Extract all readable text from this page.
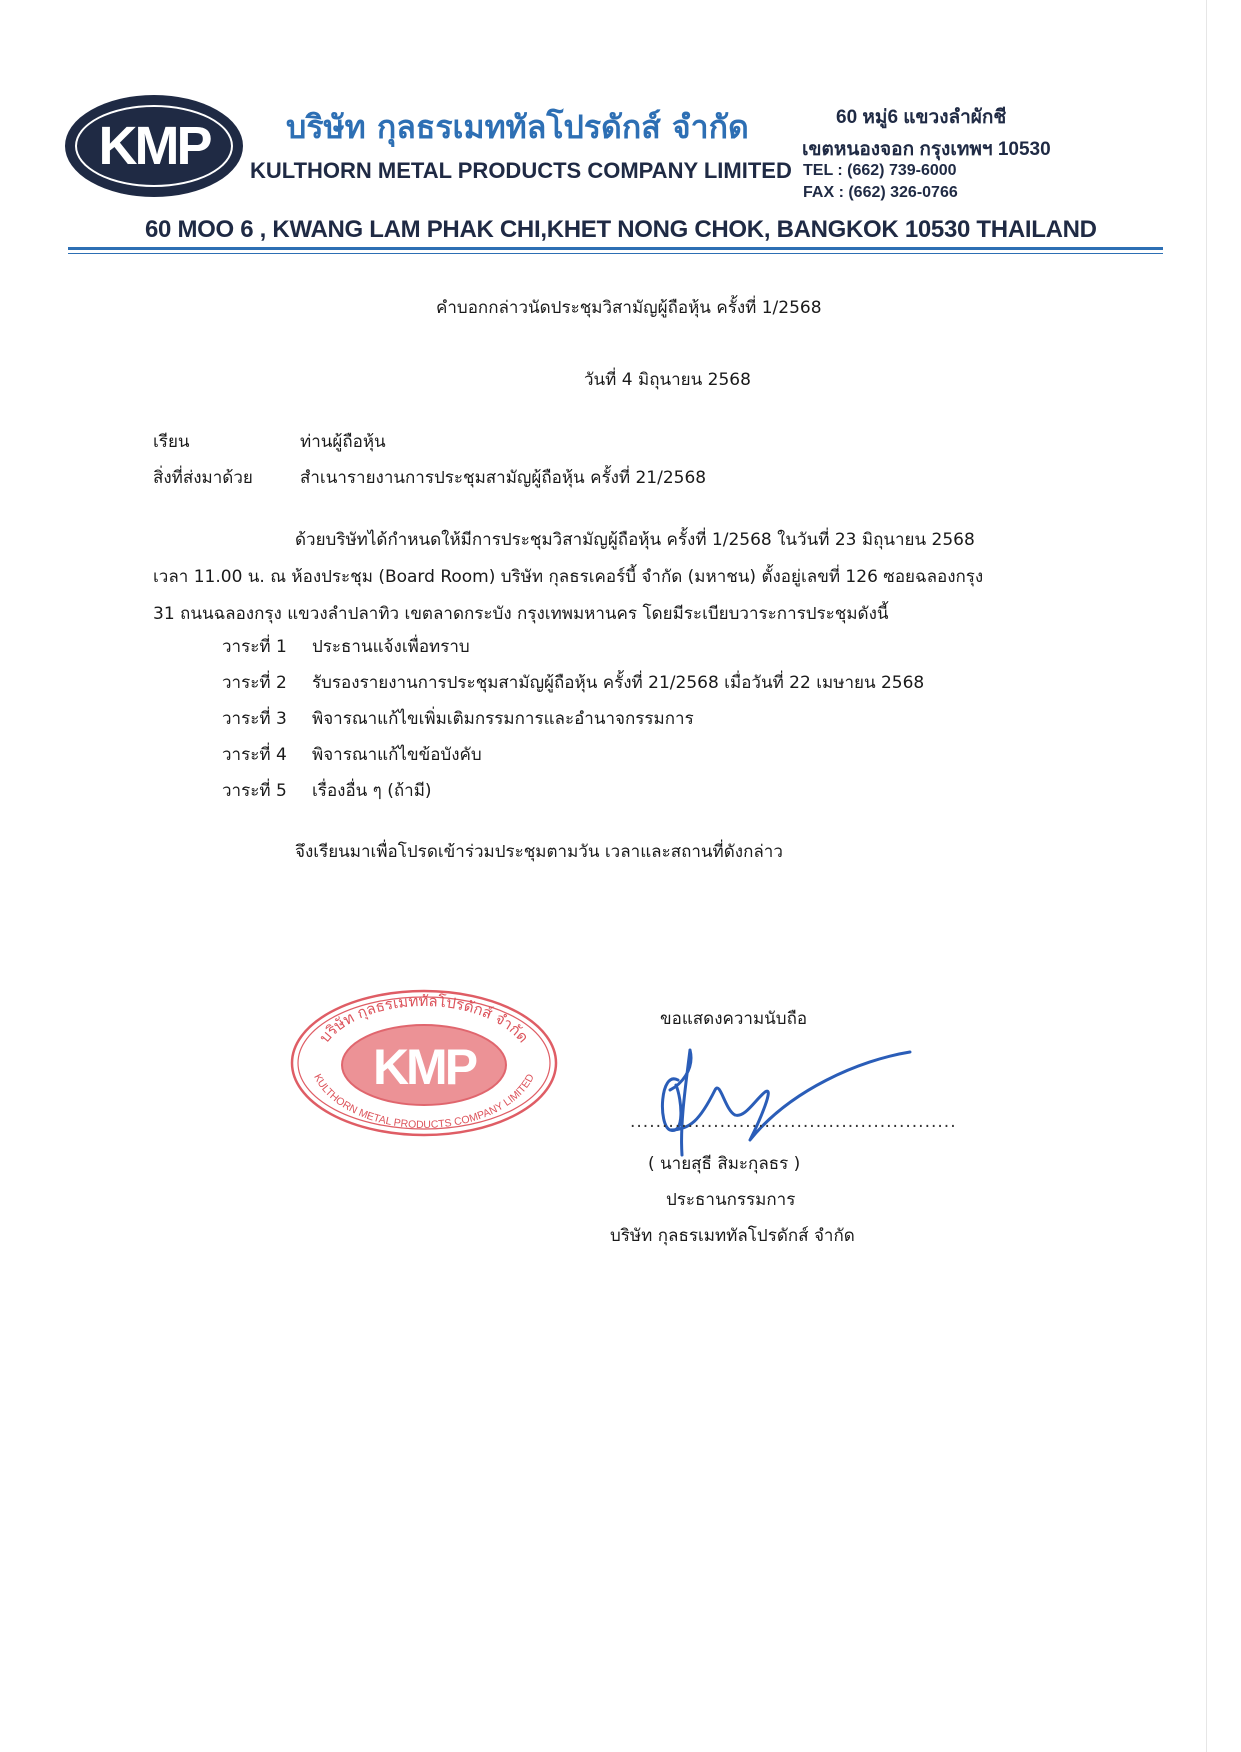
KMP บริษัท กุลธรเมททัลโปรดักส์ จำกัด
KULTHORN METAL PRODUCTS COMPANY LIMITED
60 หมู่6 แขวงลำผักชี
เขตหนองจอก กรุงเทพฯ 10530
TEL : (662) 739-6000
FAX : (662) 326-0766
60 MOO 6 , KWANG LAM PHAK CHI,KHET NONG CHOK, BANGKOK 10530 THAILAND
คำบอกกล่าวนัดประชุมวิสามัญผู้ถือหุ้น ครั้งที่ 1/2568
วันที่ 4 มิถุนายน 2568
เรียน	ท่านผู้ถือหุ้น
สิ่งที่ส่งมาด้วย	สำเนารายงานการประชุมสามัญผู้ถือหุ้น ครั้งที่ 21/2568
ด้วยบริษัทได้กำหนดให้มีการประชุมวิสามัญผู้ถือหุ้น ครั้งที่ 1/2568 ในวันที่ 23 มิถุนายน 2568
เวลา 11.00 น. ณ ห้องประชุม (Board Room) บริษัท กุลธรเคอร์บี้ จำกัด (มหาชน) ตั้งอยู่เลขที่ 126 ซอยฉลองกรุง
31 ถนนฉลองกรุง แขวงลำปลาทิว เขตลาดกระบัง กรุงเทพมหานคร โดยมีระเบียบวาระการประชุมดังนี้
วาระที่ 1	ประธานแจ้งเพื่อทราบ
วาระที่ 2	รับรองรายงานการประชุมสามัญผู้ถือหุ้น ครั้งที่ 21/2568 เมื่อวันที่ 22 เมษายน 2568
วาระที่ 3	พิจารณาแก้ไขเพิ่มเติมกรรมการและอำนาจกรรมการ
วาระที่ 4	พิจารณาแก้ไขข้อบังคับ
วาระที่ 5	เรื่องอื่น ๆ (ถ้ามี)
จึงเรียนมาเพื่อโปรดเข้าร่วมประชุมตามวัน เวลาและสถานที่ดังกล่าว
KMP
บริษัท กุลธรเมททัลโปรดักส์ จำกัด
KULTHORN METAL PRODUCTS COMPANY LIMITED
ขอแสดงความนับถือ
...................................................
( นายสุธี สิมะกุลธร )
ประธานกรรมการ
บริษัท กุลธรเมททัลโปรดักส์ จำกัด
